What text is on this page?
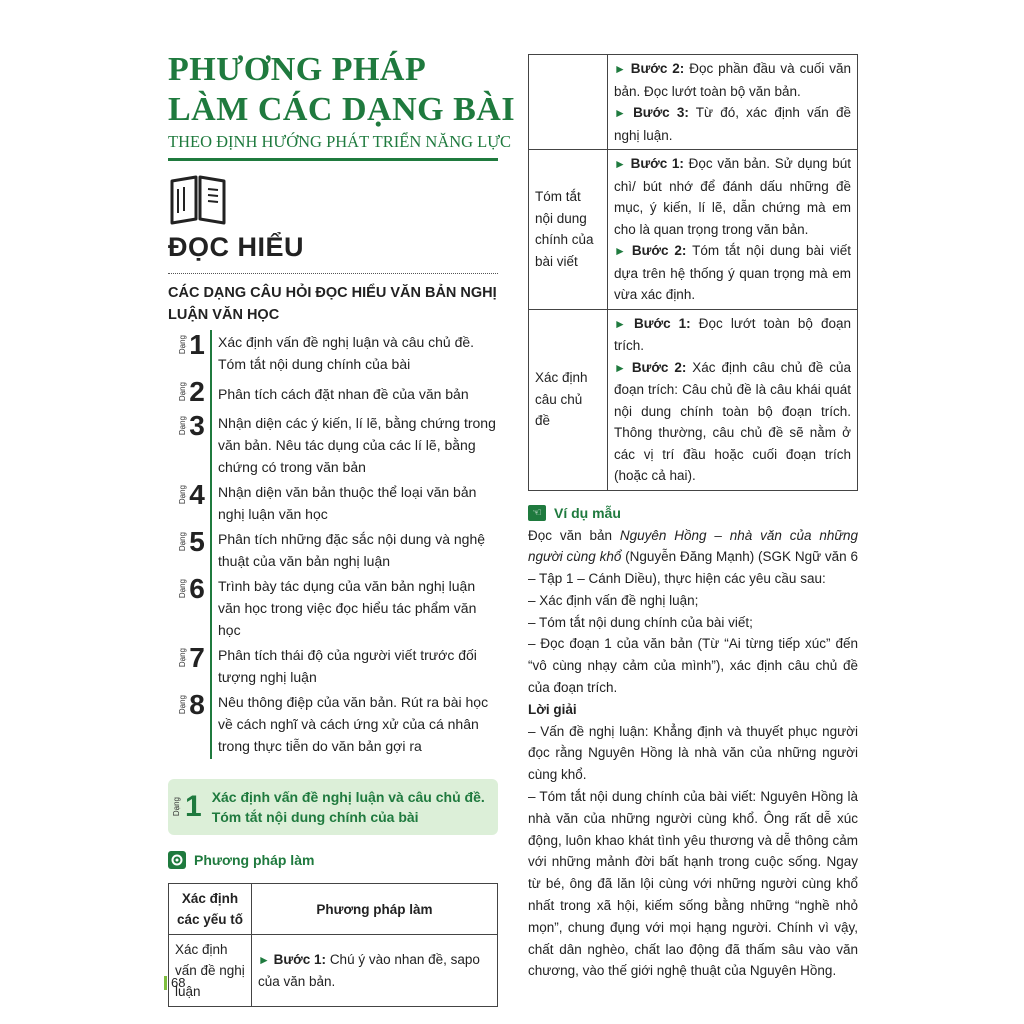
PHƯƠNG PHÁP
LÀM CÁC DẠNG BÀI
THEO ĐỊNH HƯỚNG PHÁT TRIỂN NĂNG LỰC
ĐỌC HIỂU
CÁC DẠNG CÂU HỎI ĐỌC HIỂU VĂN BẢN NGHỊ LUẬN VĂN HỌC
Dạng 1 Xác định vấn đề nghị luận và câu chủ đề. Tóm tắt nội dung chính của bài
Dạng 2 Phân tích cách đặt nhan đề của văn bản
Dạng 3 Nhận diện các ý kiến, lí lẽ, bằng chứng trong văn bản. Nêu tác dụng của các lí lẽ, bằng chứng có trong văn bản
Dạng 4 Nhận diện văn bản thuộc thể loại văn bản nghị luận văn học
Dạng 5 Phân tích những đặc sắc nội dung và nghệ thuật của văn bản nghị luận
Dạng 6 Trình bày tác dụng của văn bản nghị luận văn học trong việc đọc hiểu tác phẩm văn học
Dạng 7 Phân tích thái độ của người viết trước đối tượng nghị luận
Dạng 8 Nêu thông điệp của văn bản. Rút ra bài học về cách nghĩ và cách ứng xử của cá nhân trong thực tiễn do văn bản gợi ra
Dạng 1 Xác định vấn đề nghị luận và câu chủ đề. Tóm tắt nội dung chính của bài
Phương pháp làm
Xác định các yếu tố	Phương pháp làm
Xác định vấn đề nghị luận	► Bước 1: Chú ý vào nhan đề, sapo của văn bản.
68

	► Bước 2: Đọc phần đầu và cuối văn bản. Đọc lướt toàn bộ văn bản.
► Bước 3: Từ đó, xác định vấn đề nghị luận.

Tóm tắt nội dung chính của bài viết	► Bước 1: Đọc văn bản. Sử dụng bút chì/ bút nhớ để đánh dấu những đề mục, ý kiến, lí lẽ, dẫn chứng mà em cho là quan trọng trong văn bản.
► Bước 2: Tóm tắt nội dung bài viết dựa trên hệ thống ý quan trọng mà em vừa xác định.

Xác định câu chủ đề	► Bước 1: Đọc lướt toàn bộ đoạn trích.
► Bước 2: Xác định câu chủ đề của đoạn trích: Câu chủ đề là câu khái quát nội dung chính toàn bộ đoạn trích. Thông thường, câu chủ đề sẽ nằm ở các vị trí đầu hoặc cuối đoạn trích (hoặc cả hai).
☜ Ví dụ mẫu
Đọc văn bản Nguyên Hồng – nhà văn của những người cùng khổ (Nguyễn Đăng Mạnh) (SGK Ngữ văn 6 – Tập 1 – Cánh Diều), thực hiện các yêu cầu sau:
– Xác định vấn đề nghị luận;
– Tóm tắt nội dung chính của bài viết;
– Đọc đoạn 1 của văn bản (Từ “Ai từng tiếp xúc” đến “vô cùng nhạy cảm của mình”), xác định câu chủ đề của đoạn trích.
Lời giải
– Vấn đề nghị luận: Khẳng định và thuyết phục người đọc rằng Nguyên Hồng là nhà văn của những người cùng khổ.
– Tóm tắt nội dung chính của bài viết: Nguyên Hồng là nhà văn của những người cùng khổ. Ông rất dễ xúc động, luôn khao khát tình yêu thương và dễ thông cảm với những mảnh đời bất hạnh trong cuộc sống. Ngay từ bé, ông đã lăn lội cùng với những người cùng khổ nhất trong xã hội, kiếm sống bằng những “nghề nhỏ mọn”, chung đụng với mọi hạng người. Chính vì vậy, chất dân nghèo, chất lao động đã thấm sâu vào văn chương, vào thế giới nghệ thuật của Nguyên Hồng.
